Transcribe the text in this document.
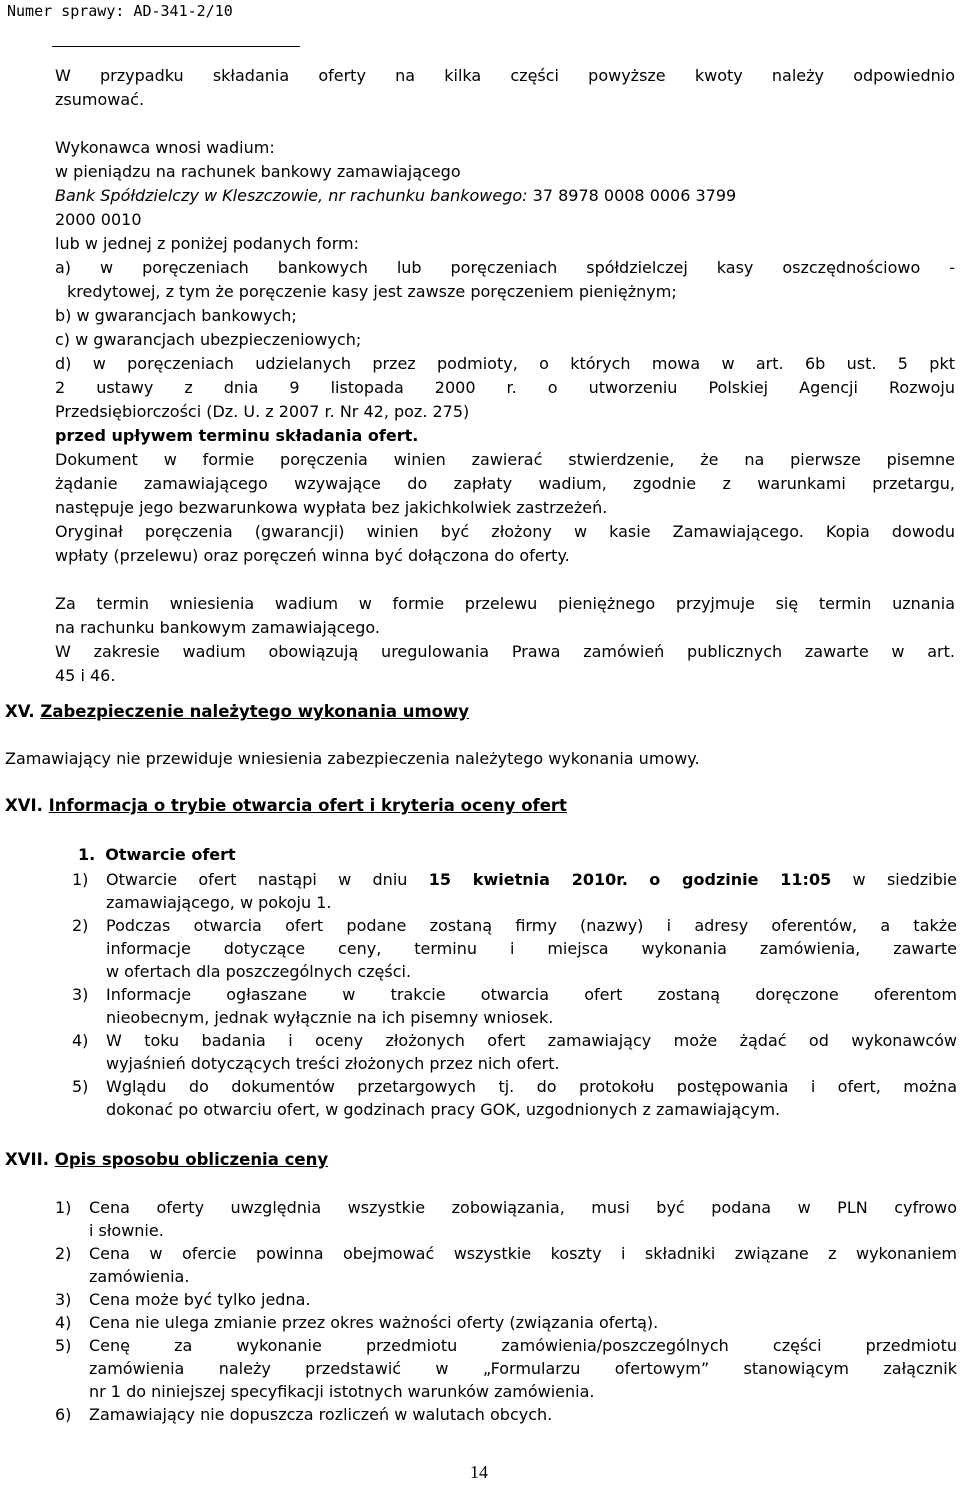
Numer sprawy: AD-341-2/10

W przypadku składania oferty na kilka części powyższe kwoty należy odpowiednio

zsumować.

Wykonawca wnosi wadium:

w pieniądzu na rachunek bankowy zamawiającego

Bank Spółdzielczy w Kleszczowie, nr rachunku bankowego: 37 8978 0008 0006 3799

2000 0010

lub w jednej z poniżej podanych form:

a) w poręczeniach bankowych lub poręczeniach spółdzielczej kasy oszczędnościowo -

kredytowej, z tym że poręczenie kasy jest zawsze poręczeniem pieniężnym;

b) w gwarancjach bankowych;

c) w gwarancjach ubezpieczeniowych;

d) w poręczeniach udzielanych przez podmioty, o których mowa w art. 6b ust. 5 pkt

2 ustawy z dnia 9 listopada 2000 r. o utworzeniu Polskiej Agencji Rozwoju

Przedsiębiorczości (Dz. U. z 2007 r. Nr 42, poz. 275)

przed upływem terminu składania ofert.

Dokument w formie poręczenia winien zawierać stwierdzenie, że na pierwsze pisemne

żądanie zamawiającego wzywające do zapłaty wadium, zgodnie z warunkami przetargu,

następuje jego bezwarunkowa wypłata bez jakichkolwiek zastrzeżeń.

Oryginał poręczenia (gwarancji) winien być złożony w kasie Zamawiającego. Kopia dowodu

wpłaty (przelewu) oraz poręczeń winna być dołączona do oferty.

Za termin wniesienia wadium w formie przelewu pieniężnego przyjmuje się termin uznania

na rachunku bankowym zamawiającego.

W zakresie wadium obowiązują uregulowania Prawa zamówień publicznych zawarte w art.

45 i 46.

XV. Zabezpieczenie należytego wykonania umowy
Zamawiający nie przewiduje wniesienia zabezpieczenia należytego wykonania umowy.
XVI. Informacja o trybie otwarcia ofert i kryteria oceny ofert
1. Otwarcie ofert
1)	Otwarcie ofert nastąpi w dniu 15 kwietnia 2010r. o godzinie 11:05 w siedzibie
zamawiającego, w pokoju 1.
2)	Podczas otwarcia ofert podane zostaną firmy (nazwy) i adresy oferentów, a także
informacje dotyczące ceny, terminu i miejsca wykonania zamówienia, zawarte
w ofertach dla poszczególnych części.
3)	Informacje ogłaszane w trakcie otwarcia ofert zostaną doręczone oferentom
nieobecnym, jednak wyłącznie na ich pisemny wniosek.
4)	W toku badania i oceny złożonych ofert zamawiający może żądać od wykonawców
wyjaśnień dotyczących treści złożonych przez nich ofert.
5)	Wglądu do dokumentów przetargowych tj. do protokołu postępowania i ofert, można
dokonać po otwarciu ofert, w godzinach pracy GOK, uzgodnionych z zamawiającym.
XVII. Opis sposobu obliczenia ceny
1)	Cena oferty uwzględnia wszystkie zobowiązania, musi być podana w PLN cyfrowo
i słownie.
2)	Cena w ofercie powinna obejmować wszystkie koszty i składniki związane z wykonaniem
zamówienia.
3)	Cena może być tylko jedna.
4)	Cena nie ulega zmianie przez okres ważności oferty (związania ofertą).
5)	Cenę za wykonanie przedmiotu zamówienia/poszczególnych części przedmiotu
zamówienia należy przedstawić w „Formularzu ofertowym” stanowiącym załącznik
nr 1 do niniejszej specyfikacji istotnych warunków zamówienia.
6)	Zamawiający nie dopuszcza rozliczeń w walutach obcych.
14
